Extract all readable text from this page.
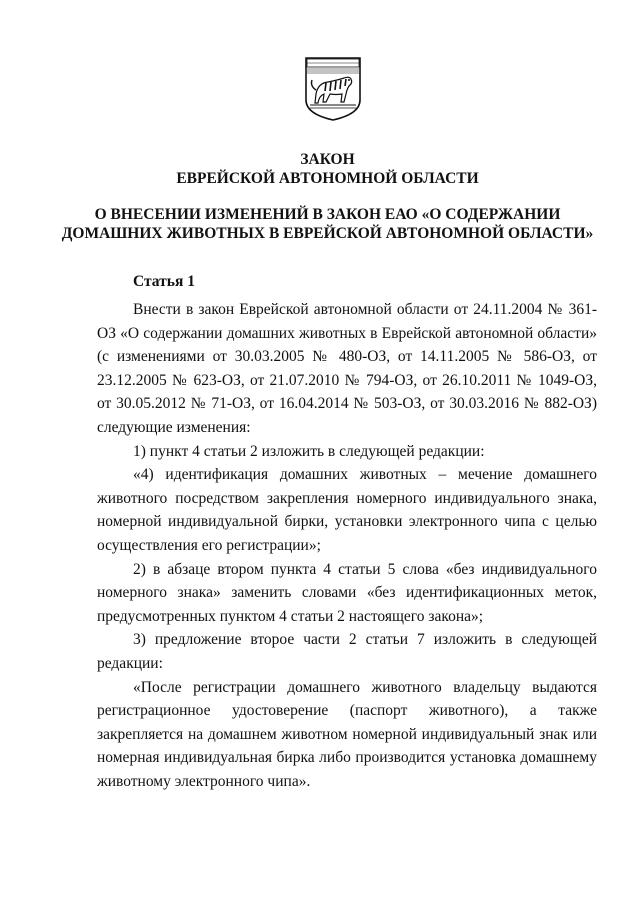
ЗАКОН
ЕВРЕЙСКОЙ АВТОНОМНОЙ ОБЛАСТИ
О ВНЕСЕНИИ ИЗМЕНЕНИЙ В ЗАКОН ЕАО «О СОДЕРЖАНИИ ДОМАШНИХ ЖИВОТНЫХ В ЕВРЕЙСКОЙ АВТОНОМНОЙ ОБЛАСТИ»
Статья 1

Внести в закон Еврейской автономной области от 24.11.2004 № 361-ОЗ «О содержании домашних животных в Еврейской автономной области» (с изменениями от 30.03.2005 № 480-ОЗ, от 14.11.2005 № 586-ОЗ, от 23.12.2005 № 623-ОЗ, от 21.07.2010 № 794-ОЗ, от 26.10.2011 № 1049-ОЗ, от 30.05.2012 № 71-ОЗ, от 16.04.2014 № 503-ОЗ, от 30.03.2016 № 882-ОЗ) следующие изменения:

1) пункт 4 статьи 2 изложить в следующей редакции:

«4) идентификация домашних животных – мечение домашнего животного посредством закрепления номерного индивидуального знака, номерной индивидуальной бирки, установки электронного чипа с целью осуществления его регистрации»;

2) в абзаце втором пункта 4 статьи 5 слова «без индивидуального номерного знака» заменить словами «без идентификационных меток, предусмотренных пунктом 4 статьи 2 настоящего закона»;

3) предложение второе части 2 статьи 7 изложить в следующей редакции:

«После регистрации домашнего животного владельцу выдаются регистрационное удостоверение (паспорт животного), а также закрепляется на домашнем животном номерной индивидуальный знак или номерная индивидуальная бирка либо производится установка домашнему животному электронного чипа».
